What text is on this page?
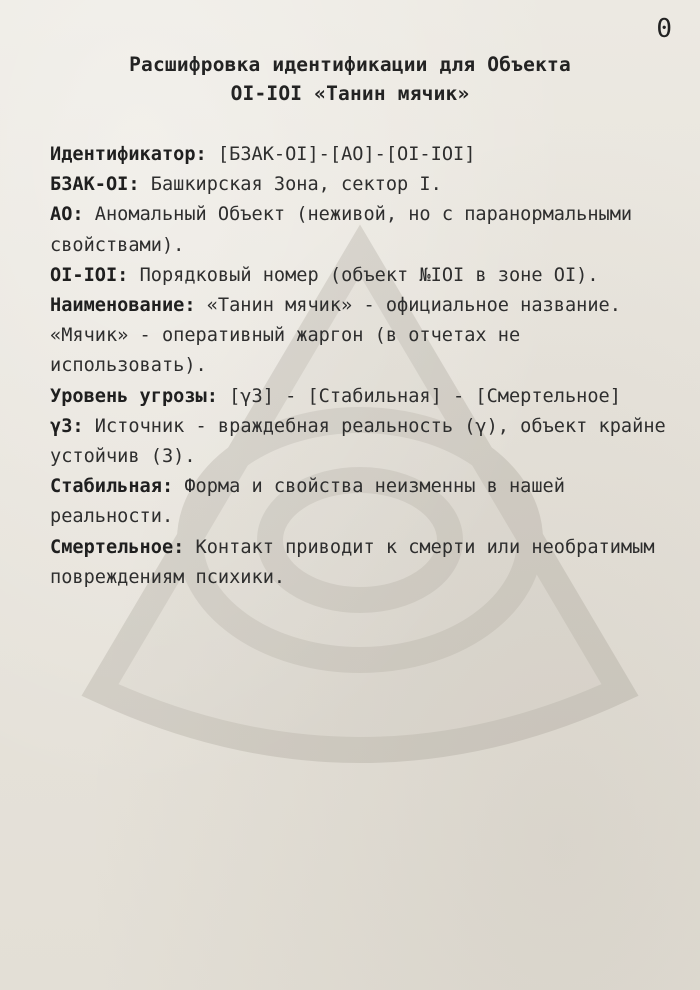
0
Расшифровка идентификации для Объекта
OI-IOI «Танин мячик»

Идентификатор: [БЗАК-OI]-[AO]-[OI-IOI]

БЗАК-OI: Башкирская Зона, сектор I.

AO: Аномальный Объект (неживой, но с паранормальными свойствами).

OI-IOI: Порядковый номер (объект №IOI в зоне OI).

Наименование: «Танин мячик» - официальное название. «Мячик» - оперативный жаргон (в отчетах не использовать).

Уровень угрозы: [γ3] - [Стабильная] - [Смертельное]

γ3: Источник - враждебная реальность (γ), объект крайне устойчив (3).

Стабильная: Форма и свойства неизменны в нашей реальности.

Смертельное: Контакт приводит к смерти или необратимым повреждениям психики.
